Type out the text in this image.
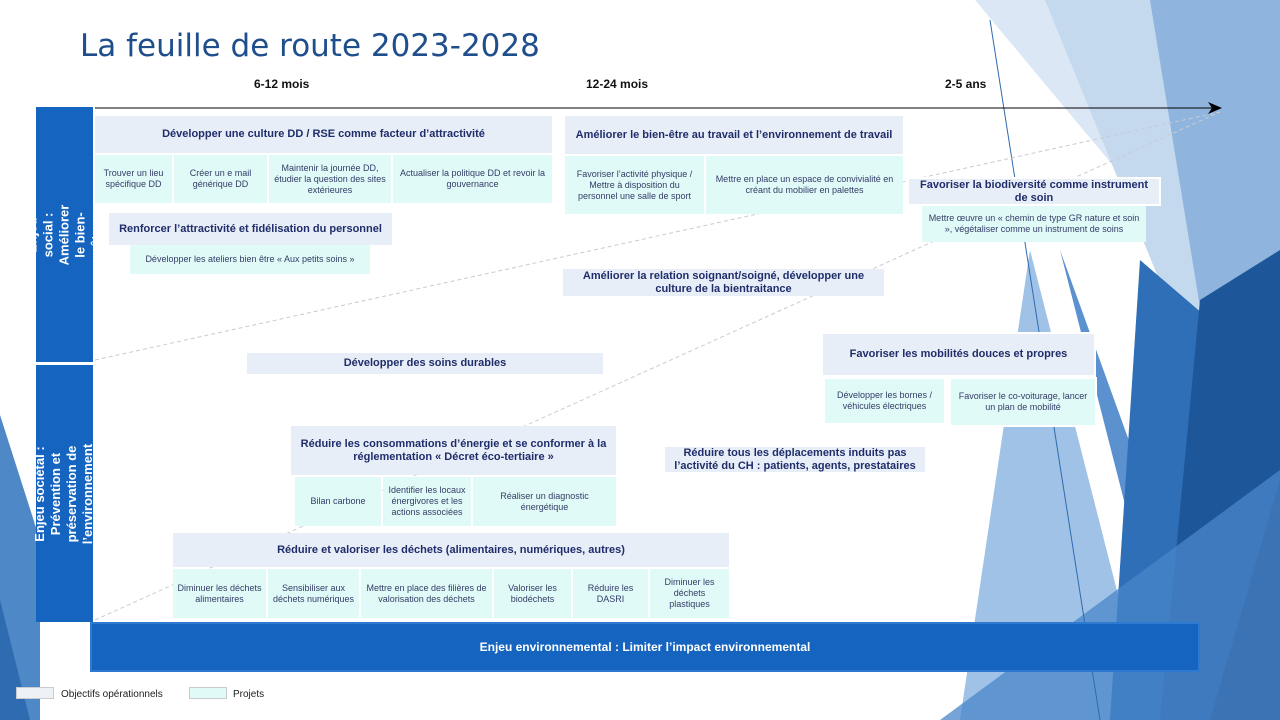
La feuille de route 2023-2028
6-12 mois	12-24 mois	2-5 ans
Enjeu social : Améliorer le bien-être
Enjeu sociétal : Prévention et préservation de l’environnement
Développer une culture DD / RSE comme facteur d’attractivité	Améliorer le bien-être au travail et l’environnement de travail
Favoriser la biodiversité comme instrument de soin
Trouver un lieu spécifique DD
Créer un e mail générique DD
Maintenir la journée DD, étudier la question des sites extérieures
Actualiser la politique DD et revoir la gouvernance
Favoriser l’activité physique / Mettre à disposition du personnel une salle de sport
Mettre en place un espace de convivialité en créant du mobilier en palettes
Mettre œuvre un « chemin de type GR nature et soin », végétaliser comme un instrument de soins
Renforcer l’attractivité et fidélisation du personnel
Développer les ateliers bien être « Aux petits soins »
Améliorer la relation soignant/soigné, développer une culture de la bientraitance
Développer des soins durables
Favoriser les mobilités douces et propres
Développer les bornes / véhicules électriques
Favoriser le co-voiturage, lancer un plan de mobilité
Réduire les consommations d’énergie et se conformer à la réglementation « Décret éco-tertiaire »
Bilan carbone
Identifier les locaux énergivores et les actions associées
Réaliser un diagnostic énergétique
Réduire tous les déplacements induits pas l’activité du CH : patients, agents, prestataires
Réduire et valoriser les déchets (alimentaires, numériques, autres)
Diminuer les déchets alimentaires
Sensibiliser aux déchets numériques
Mettre en place des filières de valorisation des déchets
Valoriser les biodéchets
Réduire les DASRI
Diminuer les déchets plastiques
Enjeu environnemental : Limiter l’impact environnemental
Objectifs opérationnels	Projets
